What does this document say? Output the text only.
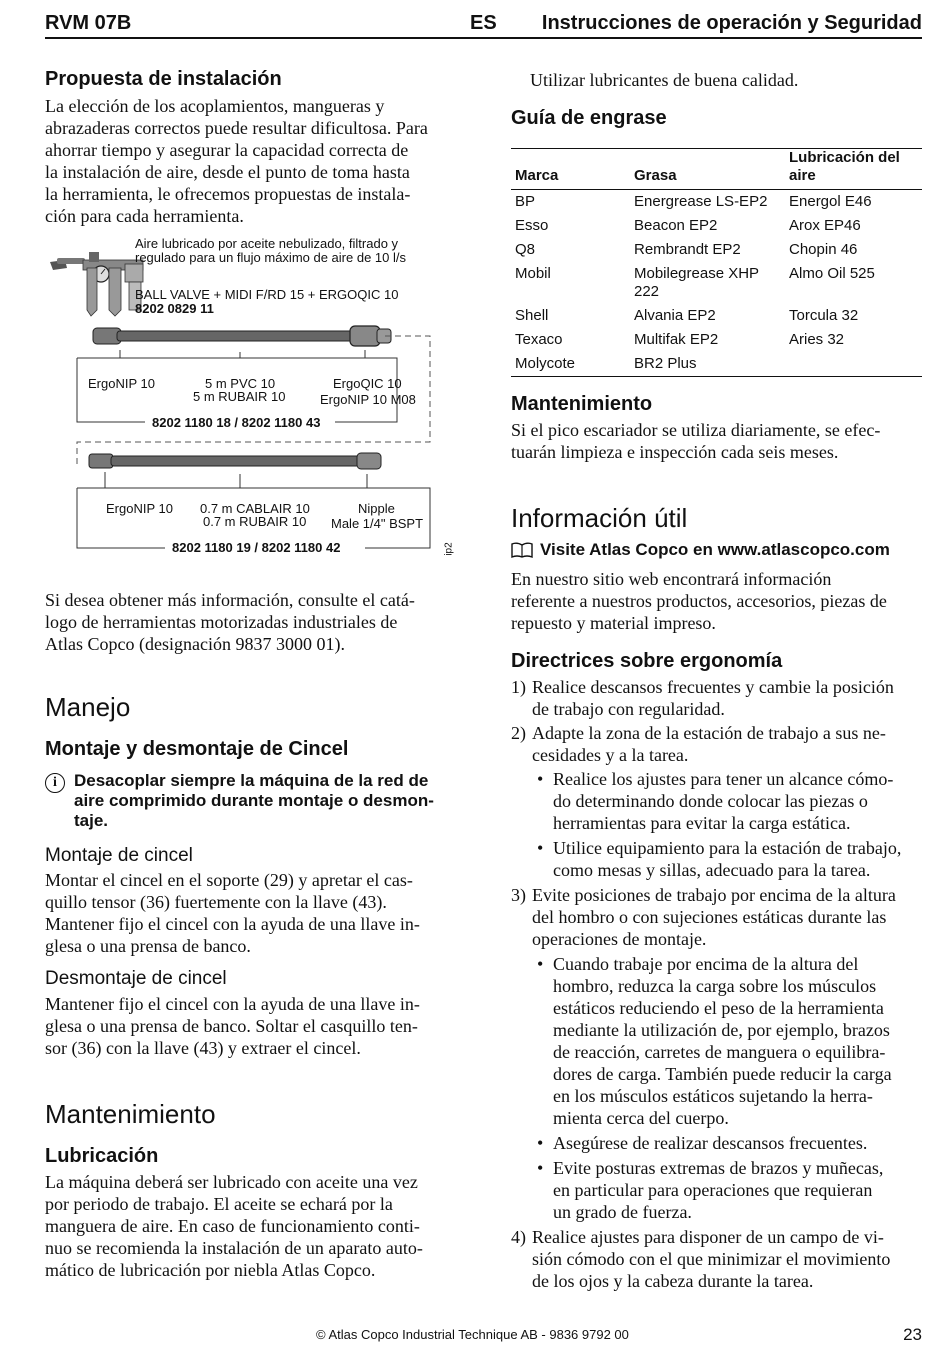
RVM 07B	ES Instrucciones de operación y Seguridad
Propuesta de instalación
La elección de los acoplamientos, mangueras y
abrazaderas correctos puede resultar dificultosa. Para
ahorrar tiempo y asegurar la capacidad correcta de
la instalación de aire, desde el punto de toma hasta
la herramienta, le ofrecemos propuestas de instala-
ción para cada herramienta.
Aire lubricado por aceite nebulizado, filtrado y
regulado para un flujo máximo de aire de 10 l/s
BALL VALVE + MIDI F/RD 15 + ERGOQIC 10
8202 0829 11
ErgoNIP 10	5 m PVC 10
5 m RUBAIR 10
ErgoQIC 10
ErgoNIP 10 M08
8202 1180 18 / 8202 1180 43
ErgoNIP 10 0.7 m CABLAIR 10
0.7 m RUBAIR 10
Nipple
Male 1/4" BSPT
8202 1180 19 / 8202 1180 42	ip2
Si desea obtener más información, consulte el catá-
logo de herramientas motorizadas industriales de
Atlas Copco (designación 9837 3000 01).
Manejo
Montaje y desmontaje de Cincel
i	Desacoplar siempre la máquina de la red de
aire comprimido durante montaje o desmon-
taje.
Montaje de cincel
Montar el cincel en el soporte (29) y apretar el cas-
quillo tensor (36) fuertemente con la llave (43).
Mantener fijo el cincel con la ayuda de una llave in-
glesa o una prensa de banco.
Desmontaje de cincel
Mantener fijo el cincel con la ayuda de una llave in-
glesa o una prensa de banco. Soltar el casquillo ten-
sor (36) con la llave (43) y extraer el cincel.
Mantenimiento
Lubricación
La máquina deberá ser lubricado con aceite una vez
por periodo de trabajo. El aceite se echará por la
manguera de aire. En caso de funcionamiento conti-
nuo se recomienda la instalación de un aparato auto-
mático de lubricación por niebla Atlas Copco.
Utilizar lubricantes de buena calidad.
Guía de engrase
Marca	Grasa	Lubricación del aire
BP	Energrease LS-EP2	Energol E46
Esso	Beacon EP2	Arox EP46
Q8	Rembrandt EP2	Chopin 46
Mobil	Mobilegrease XHP 222	Almo Oil 525
Shell	Alvania EP2	Torcula 32
Texaco	Multifak EP2	Aries 32
Molycote	BR2 Plus	
Mantenimiento
Si el pico escariador se utiliza diariamente, se efec-
tuarán limpieza e inspección cada seis meses.
Información útil
Visite Atlas Copco en www.atlascopco.com
En nuestro sitio web encontrará información
referente a nuestros productos, accesorios, piezas de
repuesto y material impreso.
Directrices sobre ergonomía
1) Realice descansos frecuentes y cambie la posición
de trabajo con regularidad.
2) Adapte la zona de la estación de trabajo a sus ne-
cesidades y a la tarea.
• Realice los ajustes para tener un alcance cómo-
do determinando donde colocar las piezas o
herramientas para evitar la carga estática.
• Utilice equipamiento para la estación de trabajo,
como mesas y sillas, adecuado para la tarea.
3) Evite posiciones de trabajo por encima de la altura
del hombro o con sujeciones estáticas durante las
operaciones de montaje.
• Cuando trabaje por encima de la altura del
hombro, reduzca la carga sobre los músculos
estáticos reduciendo el peso de la herramienta
mediante la utilización de, por ejemplo, brazos
de reacción, carretes de manguera o equilibra-
dores de carga. También puede reducir la carga
en los músculos estáticos sujetando la herra-
mienta cerca del cuerpo.
• Asegúrese de realizar descansos frecuentes.
• Evite posturas extremas de brazos y muñecas,
en particular para operaciones que requieran
un grado de fuerza.
4) Realice ajustes para disponer de un campo de vi-
sión cómodo con el que minimizar el movimiento
de los ojos y la cabeza durante la tarea.
© Atlas Copco Industrial Technique AB - 9836 9792 00	23
